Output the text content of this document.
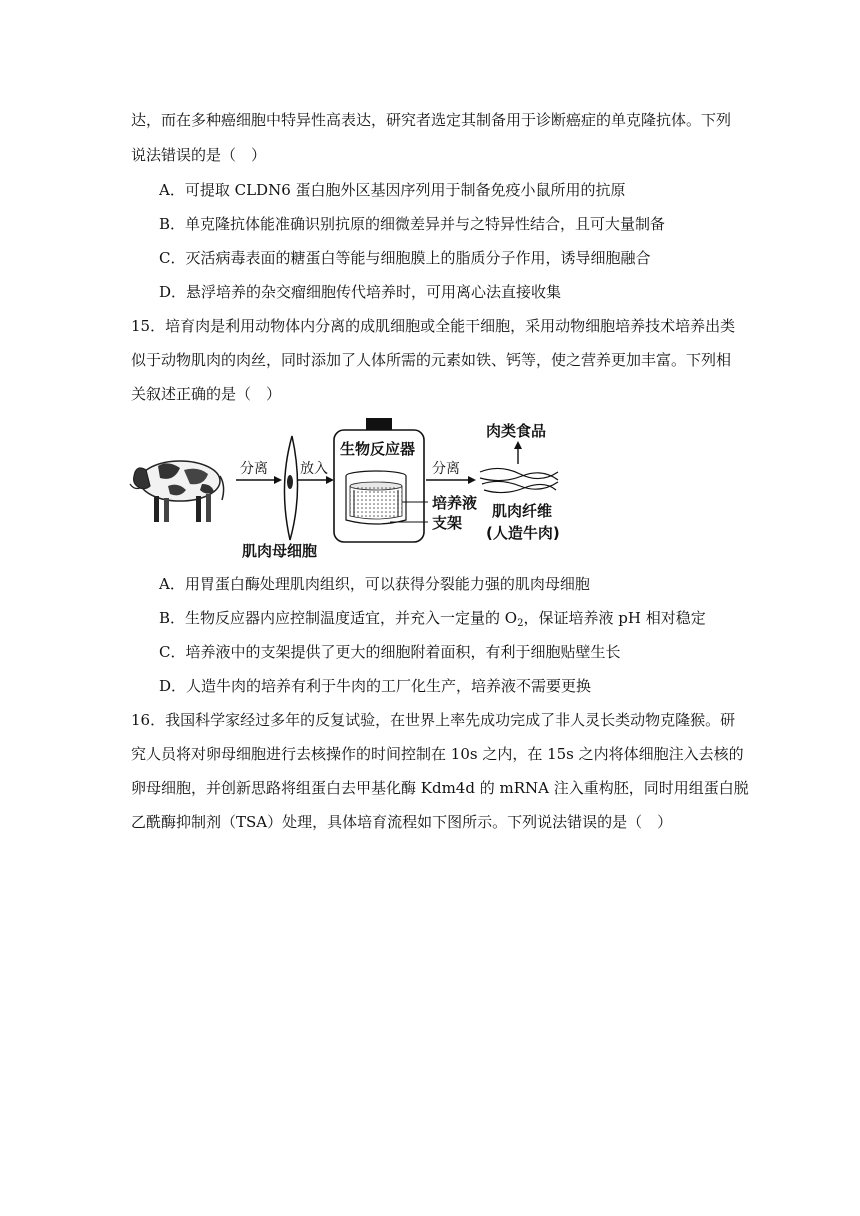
达，而在多种癌细胞中特异性高表达，研究者选定其制备用于诊断癌症的单克隆抗体。下列
说法错误的是（　）
A．可提取 CLDN6 蛋白胞外区基因序列用于制备免疫小鼠所用的抗原
B．单克隆抗体能准确识别抗原的细微差异并与之特异性结合，且可大量制备
C．灭活病毒表面的糖蛋白等能与细胞膜上的脂质分子作用，诱导细胞融合
D．悬浮培养的杂交瘤细胞传代培养时，可用离心法直接收集
15．培育肉是利用动物体内分离的成肌细胞或全能干细胞，采用动物细胞培养技术培养出类
似于动物肌肉的肉丝，同时添加了人体所需的元素如铁、钙等，使之营养更加丰富。下列相
关叙述正确的是（　）
分离
肌肉母细胞
放入
生物反应器
培养液
支架
分离
肉类食品
肌肉纤维
(人造牛肉)
A．用胃蛋白酶处理肌肉组织，可以获得分裂能力强的肌肉母细胞
B．生物反应器内应控制温度适宜，并充入一定量的 $O_2$，保证培养液 pH 相对稳定
C．培养液中的支架提供了更大的细胞附着面积，有利于细胞贴壁生长
D．人造牛肉的培养有利于牛肉的工厂化生产，培养液不需要更换
16．我国科学家经过多年的反复试验，在世界上率先成功完成了非人灵长类动物克隆猴。研
究人员将对卵母细胞进行去核操作的时间控制在 10s 之内，在 15s 之内将体细胞注入去核的
卵母细胞，并创新思路将组蛋白去甲基化酶 Kdm4d 的 mRNA 注入重构胚，同时用组蛋白脱
乙酰酶抑制剂（TSA）处理，具体培育流程如下图所示。下列说法错误的是（　）
